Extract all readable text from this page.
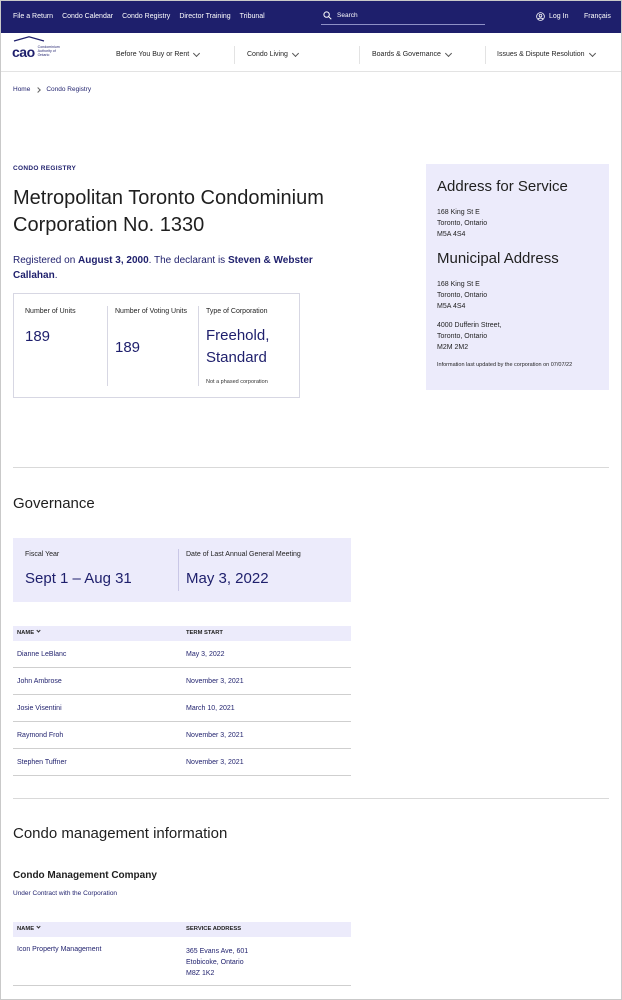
File a Return Condo Calendar Condo Registry Director Training Tribunal	Search	Log In Français
cao Condominium Authority of Ontario	Before You Buy or Rent	Condo Living	Boards & Governance	Issues & Dispute Resolution
Home Condo Registry
CONDO REGISTRY
Metropolitan Toronto Condominium Corporation No. 1330
Registered on August 3, 2000. The declarant is Steven & Webster Callahan.
Number of Units
189
Number of Voting Units
189
Type of Corporation
Freehold, Standard
Not a phased corporation
Address for Service
168 King St E
Toronto, Ontario
M5A 4S4
Municipal Address
168 King St E
Toronto, Ontario
M5A 4S4
4000 Dufferin Street,
Toronto, Ontario
M2M 2M2
Information last updated by the corporation on 07/07/22
Governance
Fiscal Year
Sept 1 – Aug 31
Date of Last Annual General Meeting
May 3, 2022
NAME	TERM START
Dianne LeBlanc	May 3, 2022
John Ambrose	November 3, 2021
Josie Visentini	March 10, 2021
Raymond Froh	November 3, 2021
Stephen Tuffner	November 3, 2021
Condo management information
Condo Management Company
Under Contract with the Corporation
NAME	SERVICE ADDRESS
Icon Property Management	365 Evans Ave, 601
Etobicoke, Ontario
M8Z 1K2
